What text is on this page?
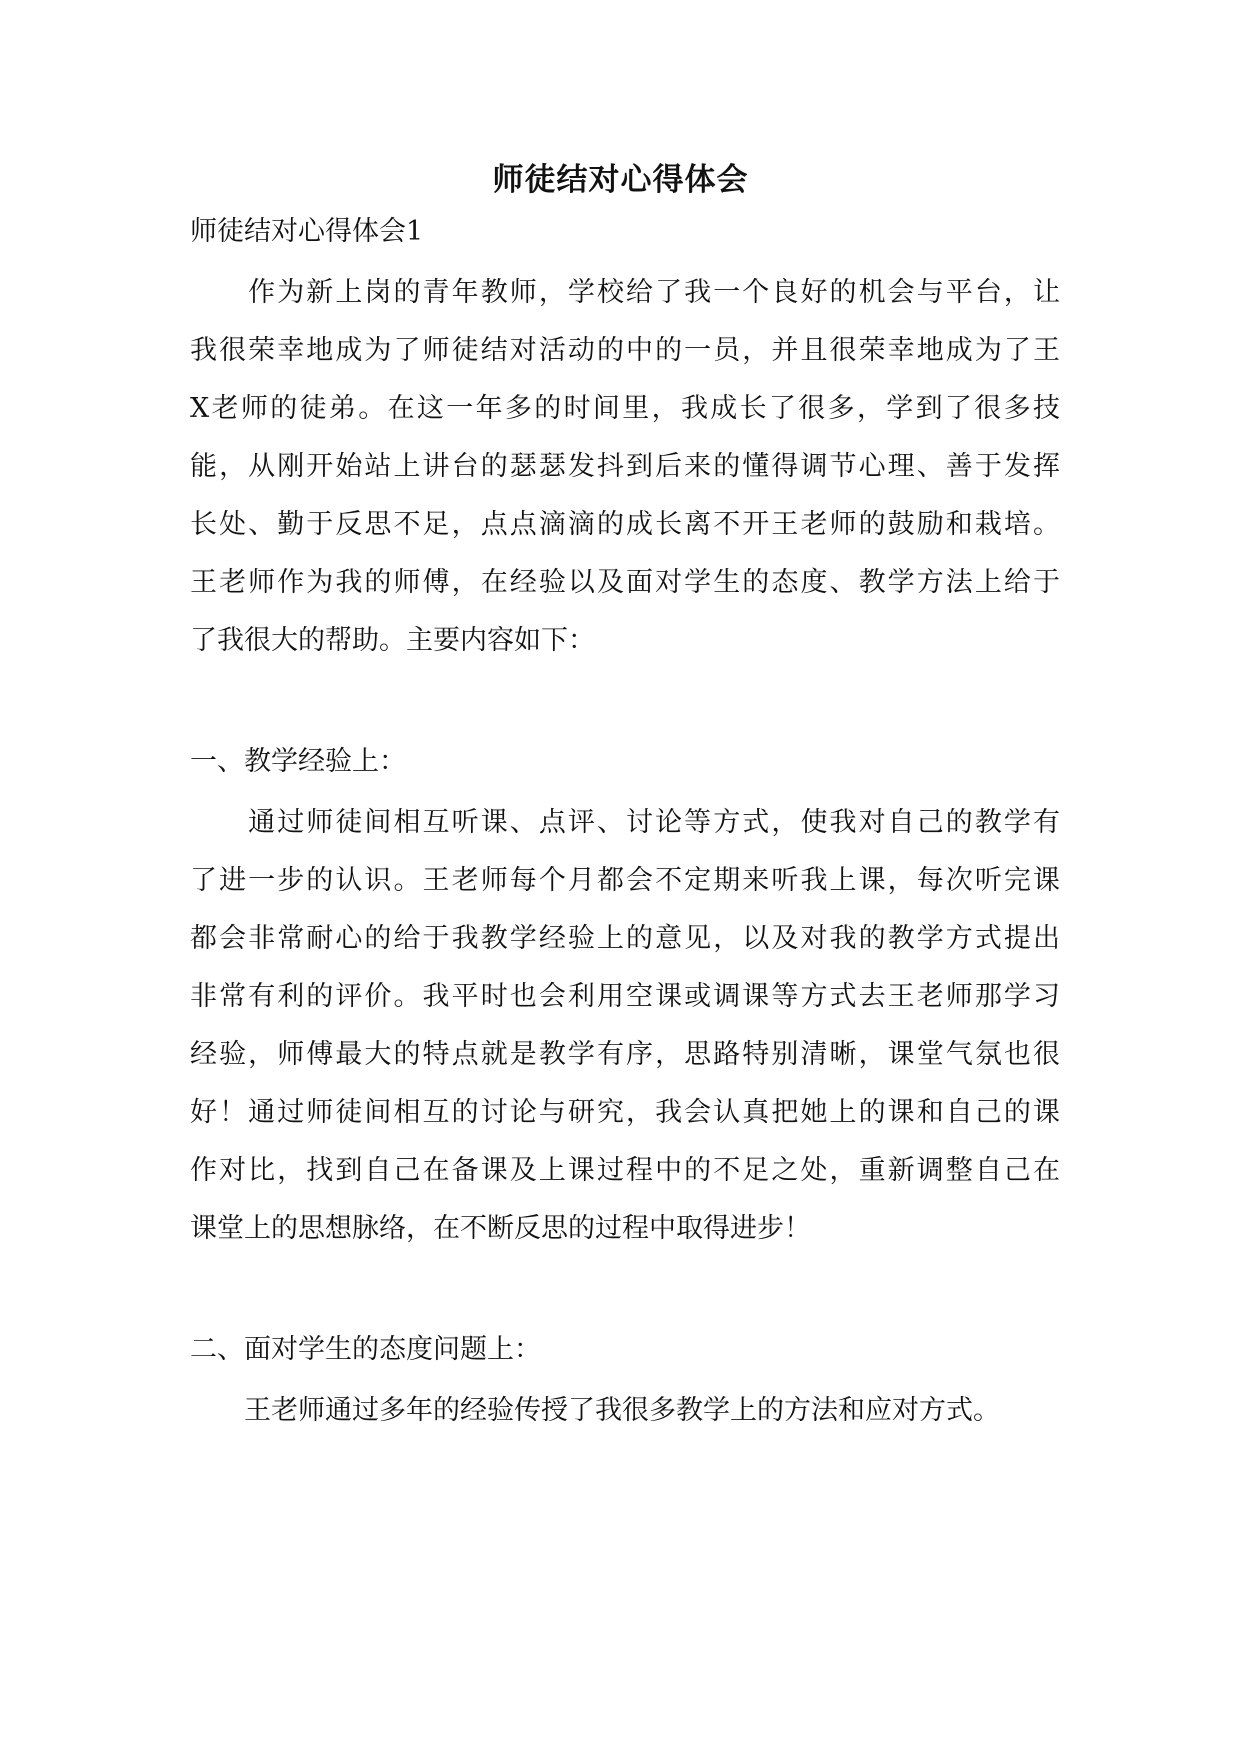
师徒结对心得体会
师徒结对心得体会1
　　作为新上岗的青年教师，学校给了我一个良好的机会与平台，让
我很荣幸地成为了师徒结对活动的中的一员，并且很荣幸地成为了王
X老师的徒弟。在这一年多的时间里，我成长了很多，学到了很多技
能，从刚开始站上讲台的瑟瑟发抖到后来的懂得调节心理、善于发挥
长处、勤于反思不足，点点滴滴的成长离不开王老师的鼓励和栽培。
王老师作为我的师傅，在经验以及面对学生的态度、教学方法上给于
了我很大的帮助。主要内容如下：
一、教学经验上：
　　通过师徒间相互听课、点评、讨论等方式，使我对自己的教学有
了进一步的认识。王老师每个月都会不定期来听我上课，每次听完课
都会非常耐心的给于我教学经验上的意见，以及对我的教学方式提出
非常有利的评价。我平时也会利用空课或调课等方式去王老师那学习
经验，师傅最大的特点就是教学有序，思路特别清晰，课堂气氛也很
好！通过师徒间相互的讨论与研究，我会认真把她上的课和自己的课
作对比，找到自己在备课及上课过程中的不足之处，重新调整自己在
课堂上的思想脉络，在不断反思的过程中取得进步！
二、面对学生的态度问题上：
　　王老师通过多年的经验传授了我很多教学上的方法和应对方式。
